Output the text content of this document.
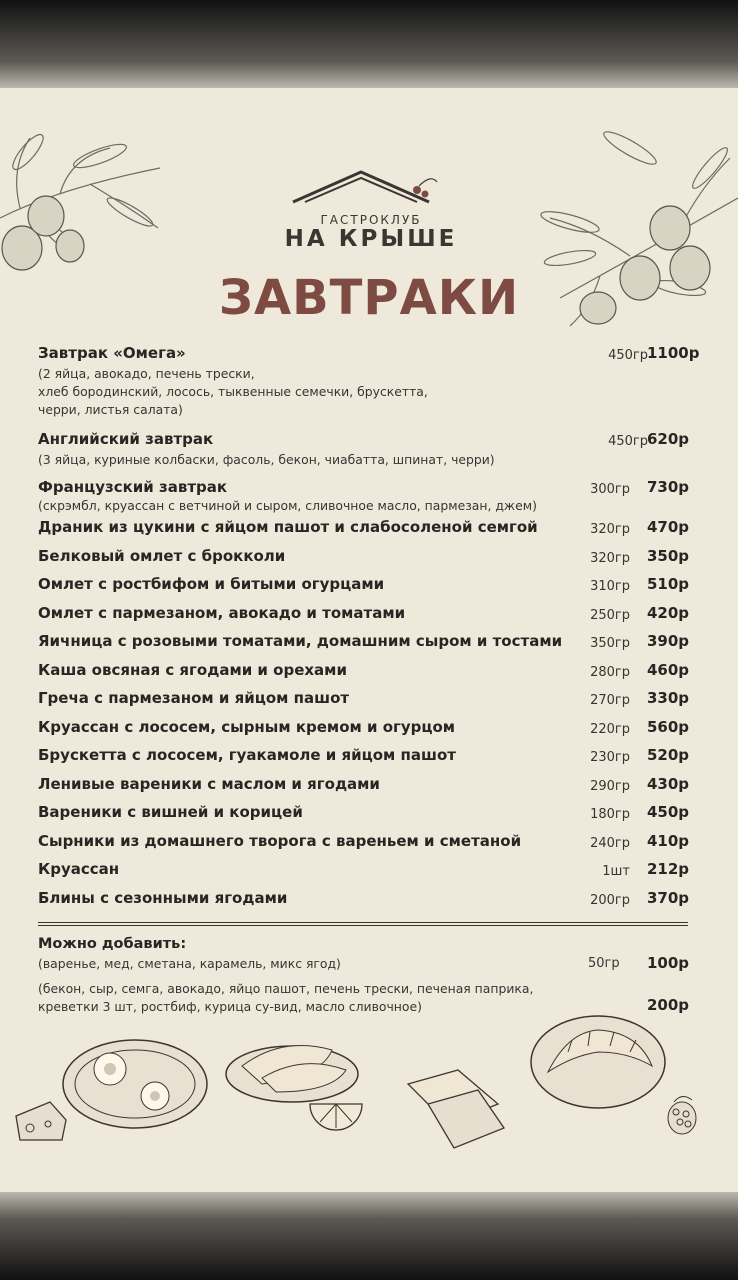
ГАСТРОКЛУБ
НА КРЫШЕ
ЗАВТРАКИ
Завтрак «Омега»
(2 яйца, авокадо, печень трески,
хлеб бородинский, лосось, тыквенные семечки, брускетта,
черри, листья салата)
450гр 1100р
Английский завтрак
(3 яйца, куриные колбаски, фасоль, бекон, чиабатта, шпинат, черри)
450гр 620р
Французский завтрак
(скрэмбл, круассан с ветчиной и сыром, сливочное масло, пармезан, джем)
300гр 730р
Драник из цукини с яйцом пашот и слабосоленой семгой	320гр 470р
Белковый омлет с брокколи	320гр 350р
Омлет с ростбифом и битыми огурцами	310гр 510р
Омлет с пармезаном, авокадо и томатами	250гр 420р
Яичница с розовыми томатами, домашним сыром и тостами	350гр 390р
Каша овсяная с ягодами и орехами	280гр 460р
Греча с пармезаном и яйцом пашот	270гр 330р
Круассан с лососем, сырным кремом и огурцом	220гр 560р
Брускетта с лососем, гуакамоле и яйцом пашот	230гр 520р
Ленивые вареники с маслом и ягодами	290гр 430р
Вареники с вишней и корицей	180гр 450р
Сырники из домашнего творога с вареньем и сметаной	240гр 410р
Круассан	1шт 212р
Блины с сезонными ягодами	200гр 370р
Можно добавить:
(варенье, мед, сметана, карамель, микс ягод)	50гр 100р
(бекон, сыр, семга, авокадо, яйцо пашот, печень трески, печеная паприка, креветки 3 шт, ростбиф, курица су-вид, масло сливочное)	200р
